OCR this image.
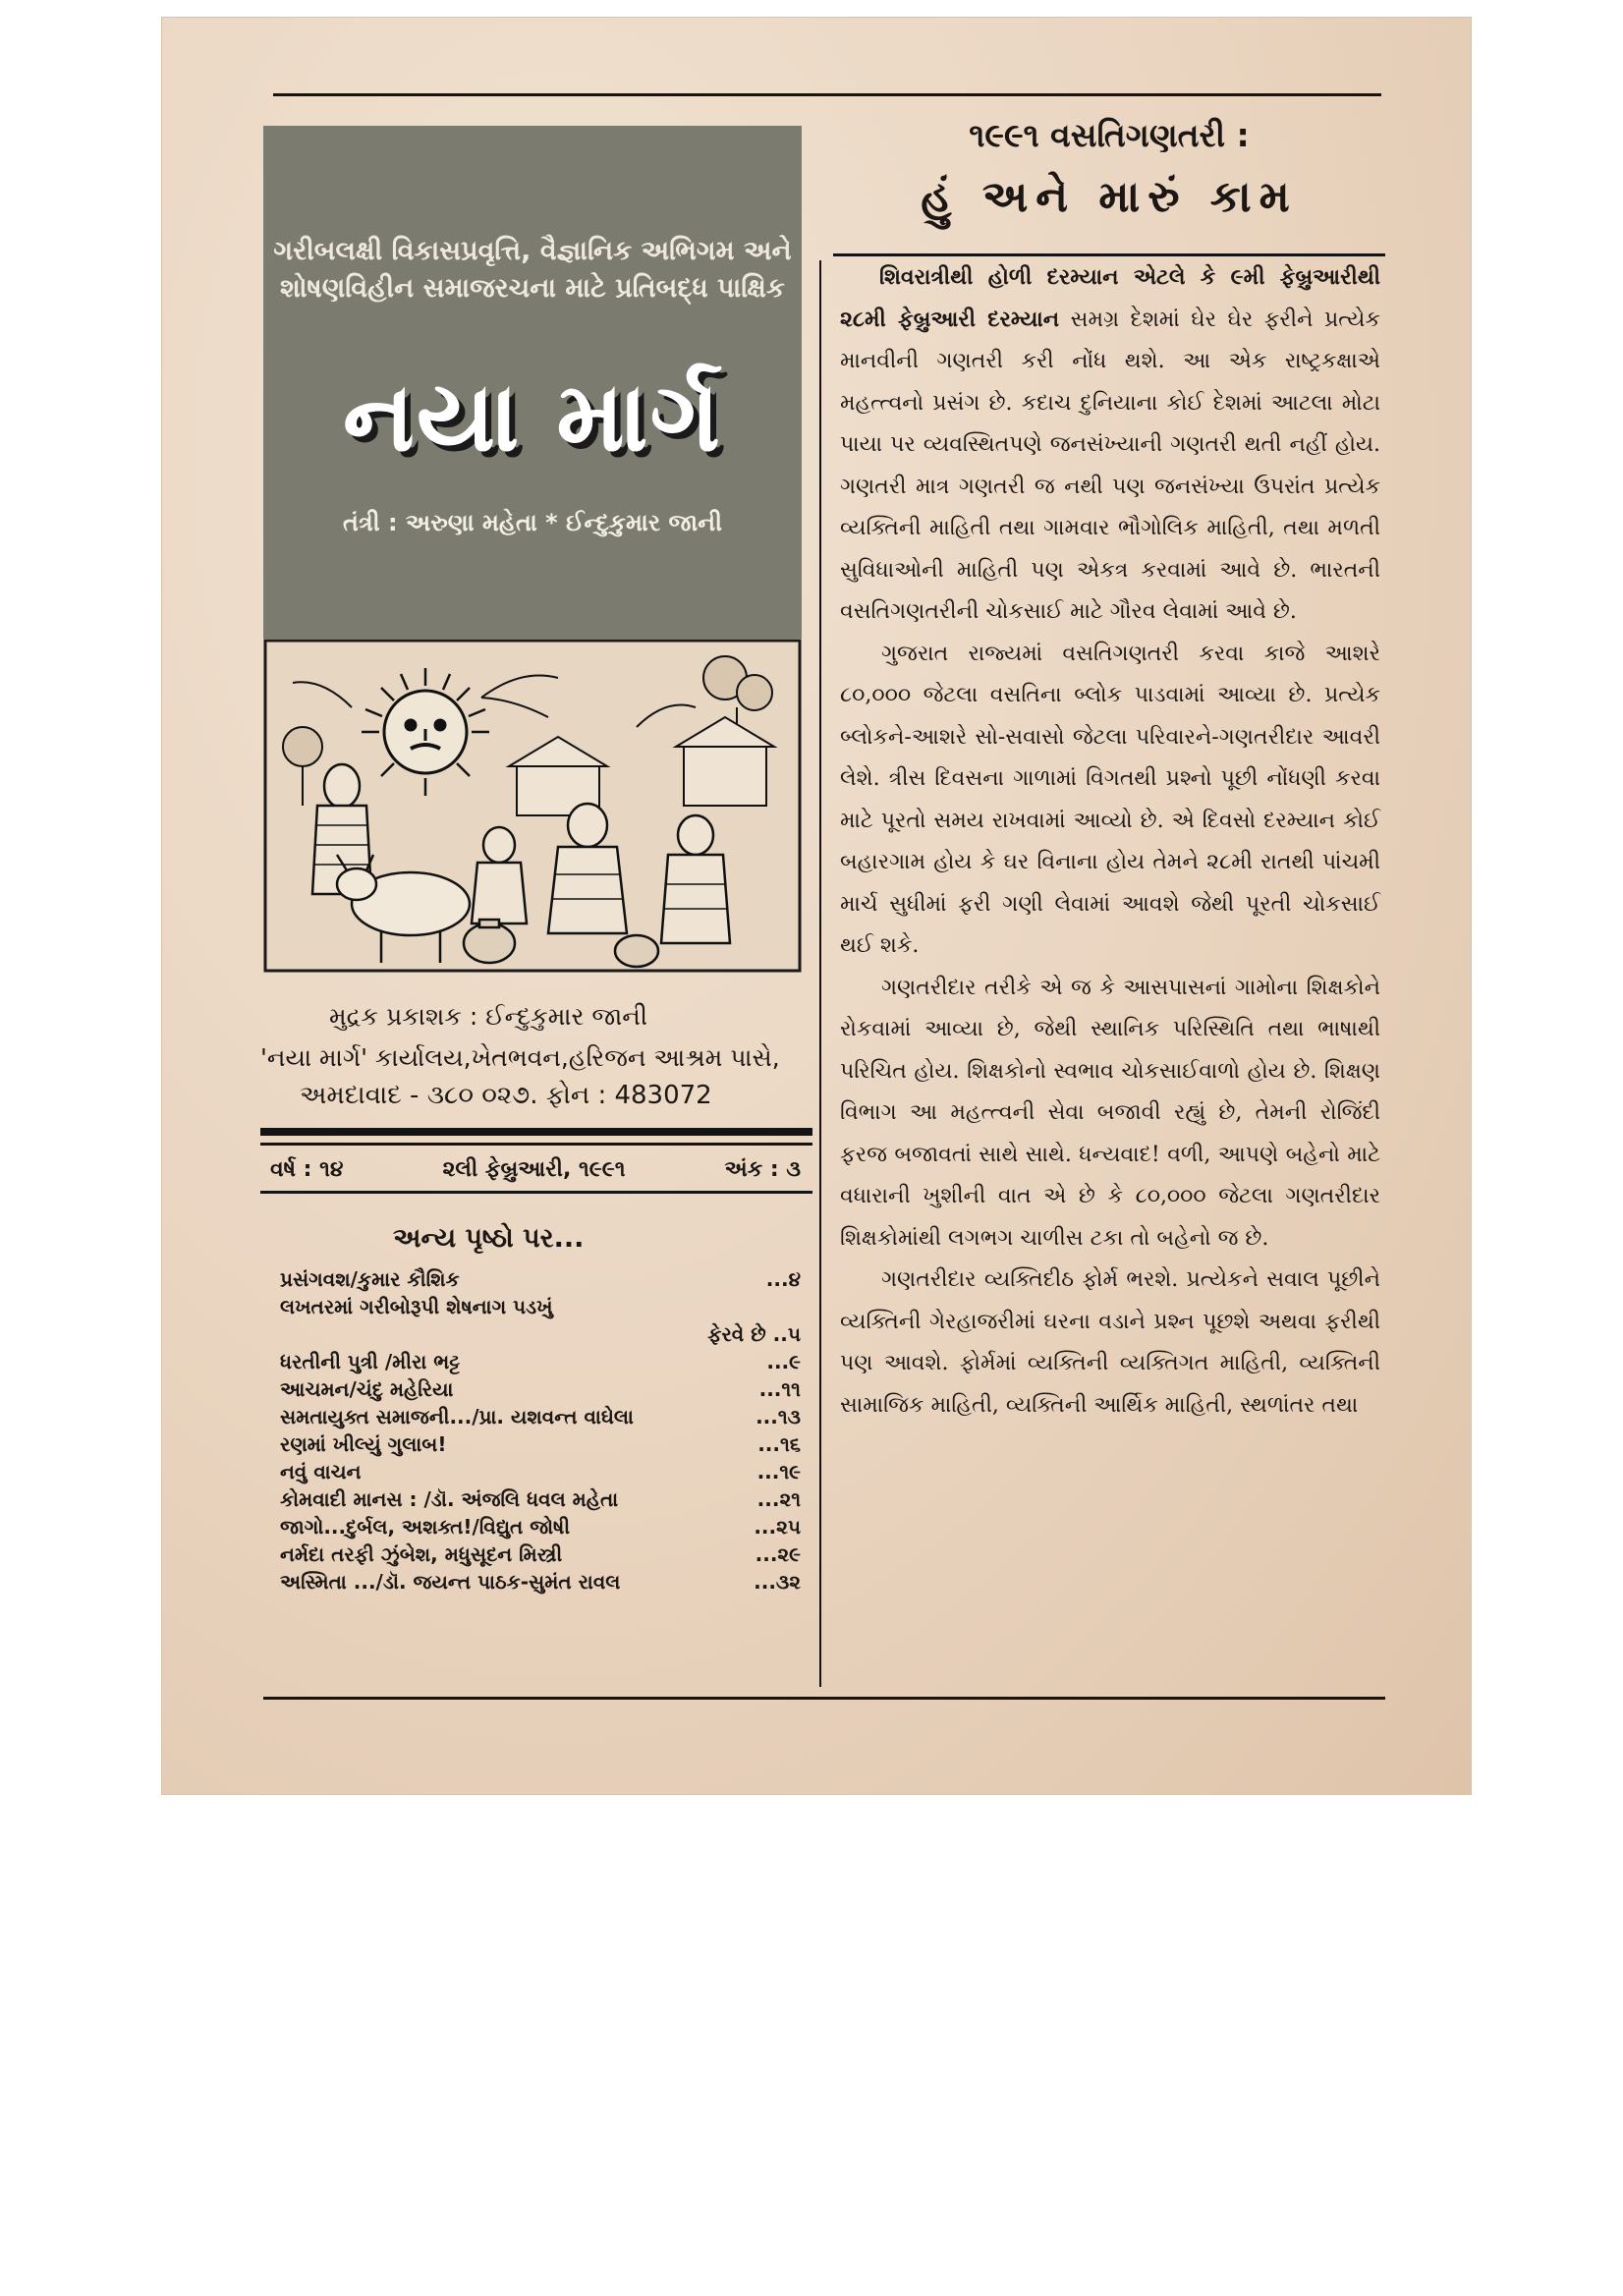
ગરીબલક્ષી વિકાસપ્રવૃત્તિ, વૈજ્ઞાનિક અભિગમ અને
શોષણવિહીન સમાજરચના માટે પ્રતિબદ્ધ પાક્ષિક
નયા માર્ગ
તંત્રી : અરુણા મહેતા * ઈન્દુકુમાર જાની
મુદ્રક પ્રકાશક : ઈન્દુકુમાર જાની
'નયા માર્ગ' કાર્યાલય,ખેતભવન,હરિજન આશ્રમ પાસે,
અમદાવાદ - ૩૮૦ ૦૨૭. ફોન : 483072
વર્ષ : ૧૪	૨લી ફેબ્રુઆરી, ૧૯૯૧	અંક : ૩
અન્ય પૃષ્ઠો પર...
પ્રસંગવશ/કુમાર કૌશિક	...૪
લખતરમાં ગરીબોરૂપી શેષનાગ પડખું
ફેરવે છે ..૫
ધરતીની પુત્રી /મીરા ભટ્ટ	...૯
આચમન/ચંદુ મહેરિયા	...૧૧
સમતાયુક્ત સમાજની.../પ્રા. યશવન્ત વાઘેલા	...૧૩
રણમાં ખીલ્યું ગુલાબ!	...૧૬
નવું વાચન	...૧૯
કોમવાદી માનસ : /ડૉ. અંજલિ ધવલ મહેતા	...૨૧
જાગો...દુર્બલ, અશક્ત!/વિદ્યુત જોષી	...૨૫
નર્મદા તરફી ઝુંબેશ, મધુસૂદન મિસ્ત્રી	...૨૯
અસ્મિતા .../ડૉ. જયન્ત પાઠક-સુમંત રાવલ	...૩૨
૧૯૯૧ વસતિગણતરી :
હું અને મારું કામ

શિવરાત્રીથી હોળી દરમ્યાન એટલે કે ૯મી ફેબ્રુઆરીથી ૨૮મી ફેબ્રુઆરી દરમ્યાન સમગ્ર દેશમાં ઘેર ઘેર ફરીને પ્રત્યેક માનવીની ગણતરી કરી નોંધ થશે. આ એક રાષ્ટ્રકક્ષાએ મહત્ત્વનો પ્રસંગ છે. કદાચ દુનિયાના કોઈ દેશમાં આટલા મોટા પાયા પર વ્યવસ્થિતપણે જનસંખ્યાની ગણતરી થતી નહીં હોય. ગણતરી માત્ર ગણતરી જ નથી પણ જનસંખ્યા ઉપરાંત પ્રત્યેક વ્યક્તિની માહિતી તથા ગામવાર ભૌગોલિક માહિતી, તથા મળતી સુવિધાઓની માહિતી પણ એકત્ર કરવામાં આવે છે. ભારતની વસતિગણતરીની ચોકસાઈ માટે ગૌરવ લેવામાં આવે છે.

ગુજરાત રાજ્યમાં વસતિગણતરી કરવા કાજે આશરે ૮૦,૦૦૦ જેટલા વસતિના બ્લોક પાડવામાં આવ્યા છે. પ્રત્યેક બ્લોકને-આશરે સો-સવાસો જેટલા પરિવારને-ગણતરીદાર આવરી લેશે. ત્રીસ દિવસના ગાળામાં વિગતથી પ્રશ્નો પૂછી નોંધણી કરવા માટે પૂરતો સમય રાખવામાં આવ્યો છે. એ દિવસો દરમ્યાન કોઈ બહારગામ હોય કે ઘર વિનાના હોય તેમને ૨૮મી રાતથી પાંચમી માર્ચ સુધીમાં ફરી ગણી લેવામાં આવશે જેથી પૂરતી ચોકસાઈ થઈ શકે.

ગણતરીદાર તરીકે એ જ કે આસપાસનાં ગામોના શિક્ષકોને રોકવામાં આવ્યા છે, જેથી સ્થાનિક પરિસ્થિતિ તથા ભાષાથી પરિચિત હોય. શિક્ષકોનો સ્વભાવ ચોકસાઈવાળો હોય છે. શિક્ષણ વિભાગ આ મહત્ત્વની સેવા બજાવી રહ્યું છે, તેમની રોજિંદી ફરજ બજાવતાં સાથે સાથે. ધન્યવાદ! વળી, આપણે બહેનો માટે વધારાની ખુશીની વાત એ છે કે ૮૦,૦૦૦ જેટલા ગણતરીદાર શિક્ષકોમાંથી લગભગ ચાળીસ ટકા તો બહેનો જ છે.

ગણતરીદાર વ્યક્તિદીઠ ફોર્મ ભરશે. પ્રત્યેકને સવાલ પૂછીને વ્યક્તિની ગેરહાજરીમાં ઘરના વડાને પ્રશ્ન પૂછશે અથવા ફરીથી પણ આવશે. ફોર્મમાં વ્યક્તિની વ્યક્તિગત માહિતી, વ્યક્તિની સામાજિક માહિતી, વ્યક્તિની આર્થિક માહિતી, સ્થળાંતર તથા
